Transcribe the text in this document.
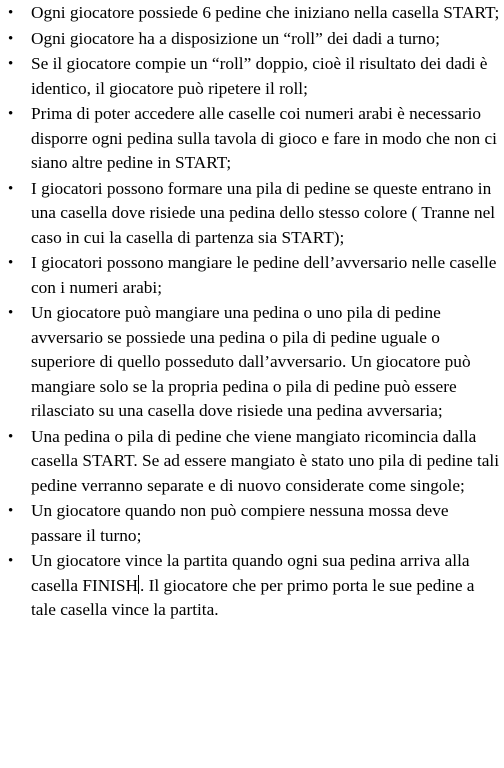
• Ogni giocatore possiede 6 pedine che iniziano nella casella START;
• Ogni giocatore ha a disposizione un “roll” dei dadi a turno;
• Se il giocatore compie un “roll” doppio, cioè il risultato dei dadi è identico, il giocatore può ripetere il roll;
• Prima di poter accedere alle caselle coi numeri arabi è necessario disporre ogni pedina sulla tavola di gioco e fare in modo che non ci siano altre pedine in START;
• I giocatori possono formare una pila di pedine se queste entrano in una casella dove risiede una pedina dello stesso colore ( Tranne nel caso in cui la casella di partenza sia START);
• I giocatori possono mangiare le pedine dell’avversario nelle caselle con i numeri arabi;
• Un giocatore può mangiare una pedina o uno pila di pedine avversario se possiede una pedina o pila di pedine uguale o superiore di quello posseduto dall’avversario. Un giocatore può mangiare solo se la propria pedina o pila di pedine può essere rilasciato su una casella dove risiede una pedina avversaria;
• Una pedina o pila di pedine che viene mangiato ricomincia dalla casella START. Se ad essere mangiato è stato uno pila di pedine tali pedine verranno separate e di nuovo considerate come singole;
• Un giocatore quando non può compiere nessuna mossa deve passare il turno;
• Un giocatore vince la partita quando ogni sua pedina arriva alla casella FINISH . Il giocatore che per primo porta le sue pedine a tale casella vince la partita.
